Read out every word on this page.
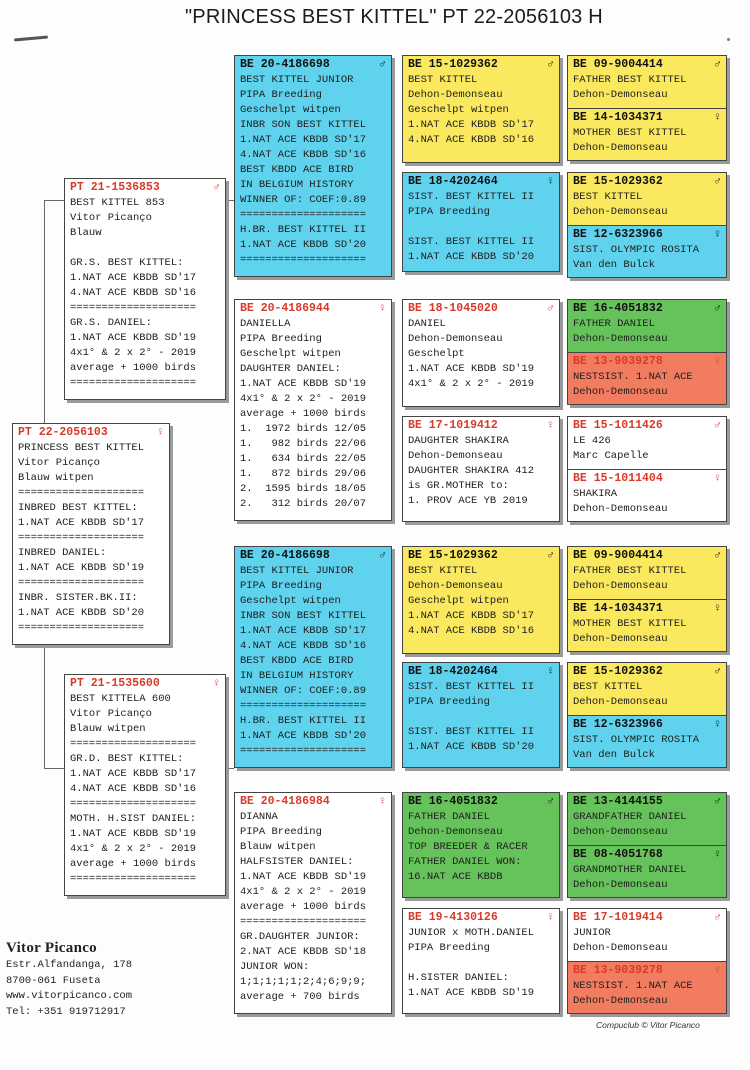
"PRINCESS BEST KITTEL" PT 22-2056103 H
PT 22-2056103	♀
PRINCESS BEST KITTEL
Vitor Picanço
Blauw witpen
====================
INBRED BEST KITTEL:
1.NAT ACE KBDB SD'17
====================
INBRED DANIEL:
1.NAT ACE KBDB SD'19
====================
INBR. SISTER.BK.II:
1.NAT ACE KBDB SD'20
====================
PT 21-1536853	♂
BEST KITTEL 853
Vitor Picanço
Blauw
GR.S. BEST KITTEL:
1.NAT ACE KBDB SD'17
4.NAT ACE KBDB SD'16
====================
GR.S. DANIEL:
1.NAT ACE KBDB SD'19
4x1° & 2 x 2° - 2019
average + 1000 birds
====================
PT 21-1535600	♀
BEST KITTELA 600
Vitor Picanço
Blauw witpen
====================
GR.D. BEST KITTEL:
1.NAT ACE KBDB SD'17
4.NAT ACE KBDB SD'16
====================
MOTH. H.SIST DANIEL:
1.NAT ACE KBDB SD'19
4x1° & 2 x 2° - 2019
average + 1000 birds
====================
BE 20-4186698	♂
BEST KITTEL JUNIOR
PIPA Breeding
Geschelpt witpen
INBR SON BEST KITTEL
1.NAT ACE KBDB SD'17
4.NAT ACE KBDB SD'16
BEST KBDD ACE BIRD
IN BELGIUM HISTORY
WINNER OF: COEF:0.89
====================
H.BR. BEST KITTEL II
1.NAT ACE KBDB SD'20
====================
BE 20-4186944	♀
DANIELLA
PIPA Breeding
Geschelpt witpen
DAUGHTER DANIEL:
1.NAT ACE KBDB SD'19
4x1° & 2 x 2° - 2019
average + 1000 birds
1.  1972 birds 12/05
1.   982 birds 22/06
1.   634 birds 22/05
1.   872 birds 29/06
2.  1595 birds 18/05
2.   312 birds 20/07
BE 20-4186698	♂
BEST KITTEL JUNIOR
PIPA Breeding
Geschelpt witpen
INBR SON BEST KITTEL
1.NAT ACE KBDB SD'17
4.NAT ACE KBDB SD'16
BEST KBDD ACE BIRD
IN BELGIUM HISTORY
WINNER OF: COEF:0.89
====================
H.BR. BEST KITTEL II
1.NAT ACE KBDB SD'20
====================
BE 20-4186984	♀
DIANNA
PIPA Breeding
Blauw witpen
HALFSISTER DANIEL:
1.NAT ACE KBDB SD'19
4x1° & 2 x 2° - 2019
average + 1000 birds
====================
GR.DAUGHTER JUNIOR:
2.NAT ACE KBDB SD'18
JUNIOR WON:
1;1;1;1;1;2;4;6;9;9;
average + 700 birds
BE 15-1029362	♂
BEST KITTEL
Dehon-Demonseau
Geschelpt witpen
1.NAT ACE KBDB SD'17
4.NAT ACE KBDB SD'16
BE 18-4202464	♀
SIST. BEST KITTEL II
PIPA Breeding
SIST. BEST KITTEL II
1.NAT ACE KBDB SD'20
BE 18-1045020	♂
DANIEL
Dehon-Demonseau
Geschelpt
1.NAT ACE KBDB SD'19
4x1° & 2 x 2° - 2019
BE 17-1019412	♀
DAUGHTER SHAKIRA
Dehon-Demonseau
DAUGHTER SHAKIRA 412
is GR.MOTHER to:
1. PROV ACE YB 2019
BE 15-1029362	♂
BEST KITTEL
Dehon-Demonseau
Geschelpt witpen
1.NAT ACE KBDB SD'17
4.NAT ACE KBDB SD'16
BE 18-4202464	♀
SIST. BEST KITTEL II
PIPA Breeding
SIST. BEST KITTEL II
1.NAT ACE KBDB SD'20
BE 16-4051832	♂
FATHER DANIEL
Dehon-Demonseau
TOP BREEDER & RACER
FATHER DANIEL WON:
16.NAT ACE KBDB
BE 19-4130126	♀
JUNIOR x MOTH.DANIEL
PIPA Breeding
H.SISTER DANIEL:
1.NAT ACE KBDB SD'19
BE 09-9004414	♂
FATHER BEST KITTEL
Dehon-Demonseau
BE 14-1034371	♀
MOTHER BEST KITTEL
Dehon-Demonseau
BE 15-1029362	♂
BEST KITTEL
Dehon-Demonseau
BE 12-6323966	♀
SIST. OLYMPIC ROSITA
Van den Bulck
BE 16-4051832	♂
FATHER DANIEL
Dehon-Demonseau
BE 13-9039278	♀
NESTSIST. 1.NAT ACE
Dehon-Demonseau
BE 15-1011426	♂
LE 426
Marc Capelle
BE 15-1011404	♀
SHAKIRA
Dehon-Demonseau
BE 09-9004414	♂
FATHER BEST KITTEL
Dehon-Demonseau
BE 14-1034371	♀
MOTHER BEST KITTEL
Dehon-Demonseau
BE 15-1029362	♂
BEST KITTEL
Dehon-Demonseau
BE 12-6323966	♀
SIST. OLYMPIC ROSITA
Van den Bulck
BE 13-4144155	♂
GRANDFATHER DANIEL
Dehon-Demonseau
BE 08-4051768	♀
GRANDMOTHER DANIEL
Dehon-Demonseau
BE 17-1019414	♂
JUNIOR
Dehon-Demonseau
BE 13-9039278	♀
NESTSIST. 1.NAT ACE
Dehon-Demonseau
Vitor Picanco
Estr.Alfandanga, 178
8700-061 Fuseta
www.vitorpicanco.com
Tel: +351 919712917
Compuclub © Vitor Picanco
